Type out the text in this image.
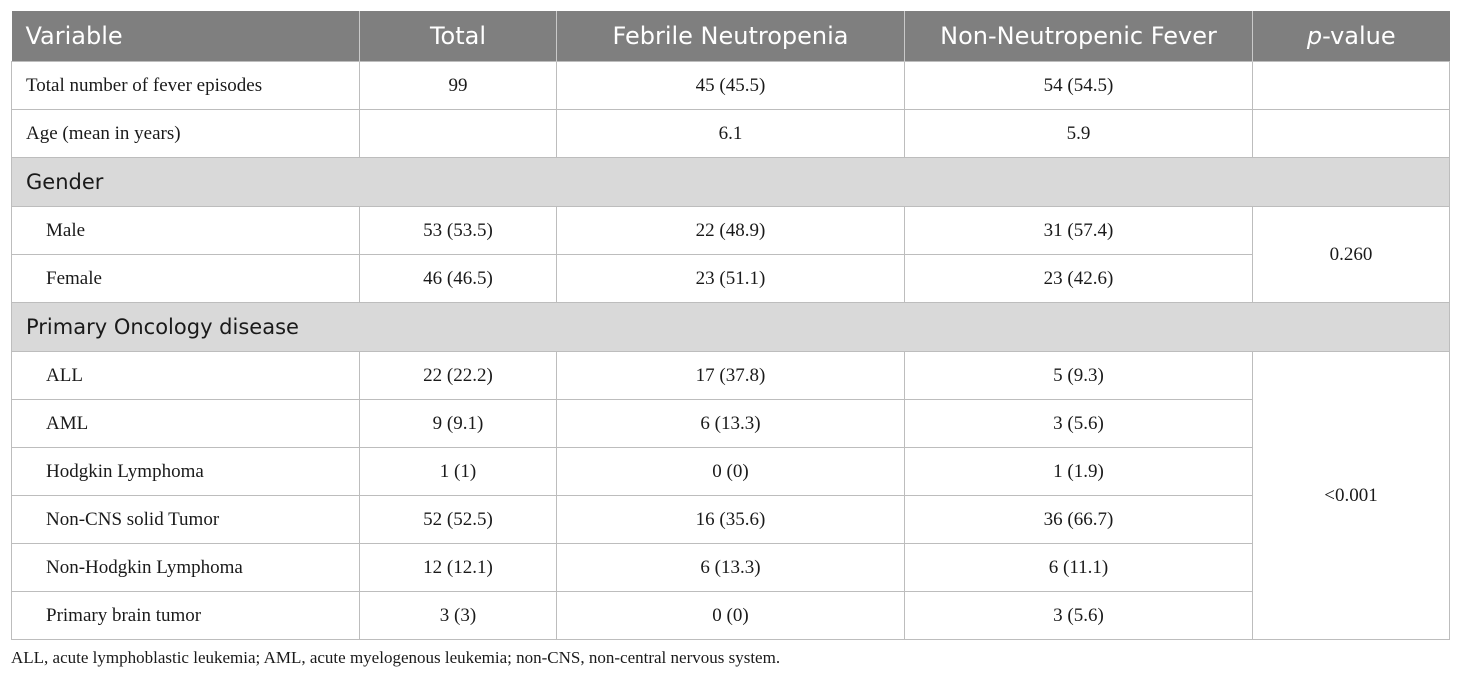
Variable	Total	Febrile Neutropenia	Non-Neutropenic Fever	p-value
Total number of fever episodes	99	45 (45.5)	54 (54.5)	
Age (mean in years)		6.1	5.9	
Gender				
Male	53 (53.5)	22 (48.9)	31 (57.4)	0.260
Female	46 (46.5)	23 (51.1)	23 (42.6)	
Primary Oncology disease				
ALL	22 (22.2)	17 (37.8)	5 (9.3)	<0.001
AML	9 (9.1)	6 (13.3)	3 (5.6)	
Hodgkin Lymphoma	1 (1)	0 (0)	1 (1.9)	
Non-CNS solid Tumor	52 (52.5)	16 (35.6)	36 (66.7)	
Non-Hodgkin Lymphoma	12 (12.1)	6 (13.3)	6 (11.1)	
Primary brain tumor	3 (3)	0 (0)	3 (5.6)	
ALL, acute lymphoblastic leukemia; AML, acute myelogenous leukemia; non-CNS, non-central nervous system.
